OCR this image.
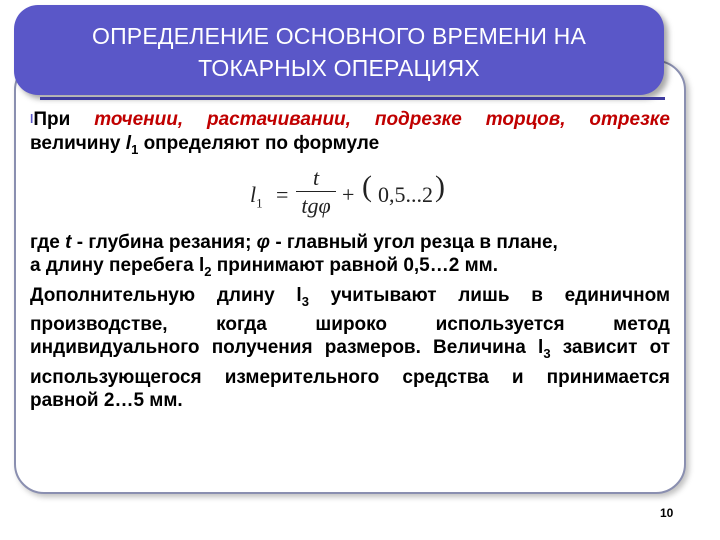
ОПРЕДЕЛЕНИЕ ОСНОВНОГО ВРЕМЕНИ НА
ТОКАРНЫХ ОПЕРАЦИЯХ
lПри точении, растачивании, подрезке торцов, отрезке величину $l_1$ определяют по формуле
$l_1$ =
t
tgφ + ( 0,5...2 )
где t - глубина резания; φ - главный угол резца в плане,
а длину перебега $l_2$ принимают равной 0,5…2 мм.
Дополнительную длину $l_3$ учитывают лишь в единичном производстве, когда широко используется метод индивидуального получения размеров. Величина $l_3$ зависит от использующегося измерительного средства и принимается равной 2…5 мм.
10
